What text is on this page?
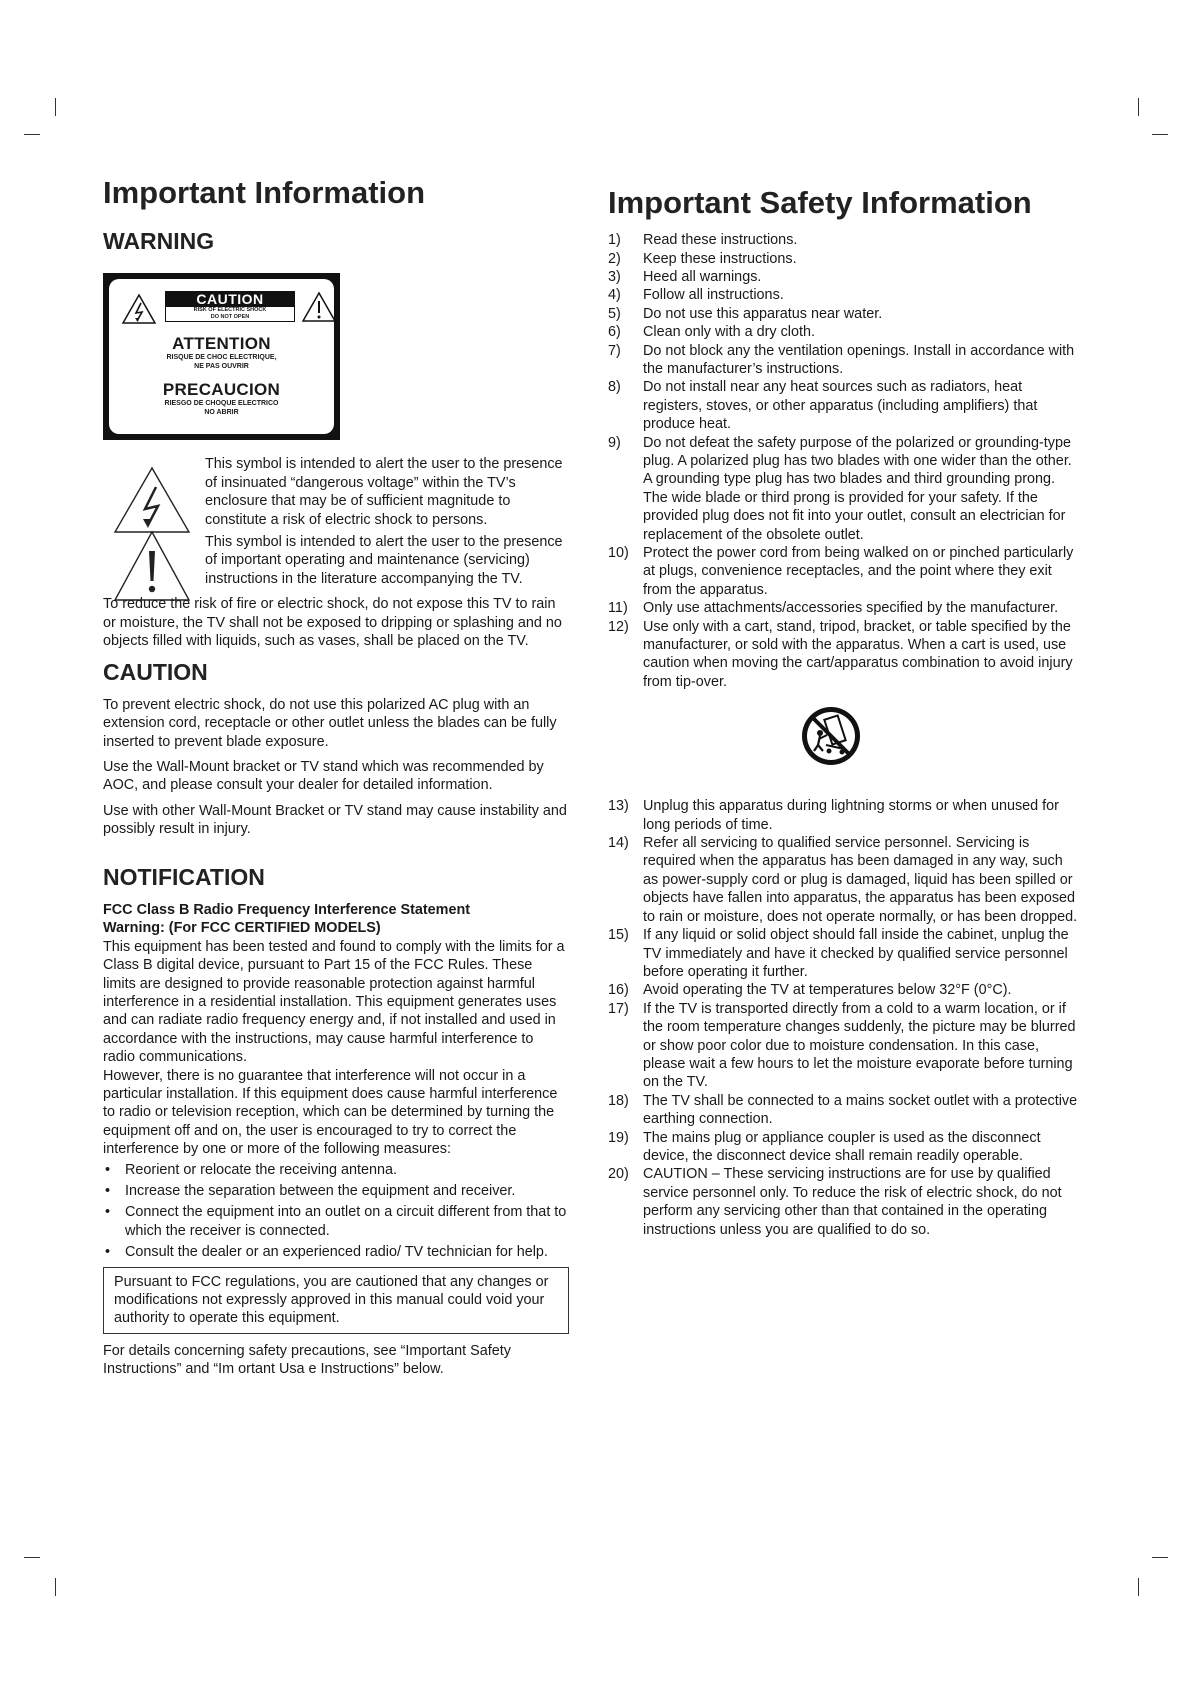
Important Information
WARNING
CAUTION
RISK OF ELECTRIC SHOCK
DO NOT OPEN
ATTENTION
RISQUE DE CHOC ELECTRIQUE,
NE PAS OUVRIR
PRECAUCION
RIESGO DE CHOQUE ELECTRICO
NO ABRIR

This symbol is intended to alert the user to the presence of insinuated “dangerous voltage” within the TV’s enclosure that may be of sufficient magnitude to constitute a risk of electric shock to persons.

This symbol is intended to alert the user to the presence of important operating and maintenance (servicing) instructions in the literature accompanying the TV.

To reduce the risk of fire or electric shock, do not expose this TV to rain or moisture, the TV shall not be exposed to dripping or splashing and no objects filled with liquids, such as vases, shall be placed on the TV.

CAUTION

To prevent electric shock, do not use this polarized AC plug with an extension cord, receptacle or other outlet unless the blades can be fully inserted to prevent blade exposure.

Use the Wall-Mount bracket or TV stand which was recommended by AOC, and please consult your dealer for detailed information.

Use with other Wall-Mount Bracket or TV stand may cause instability and possibly result in injury.

NOTIFICATION

FCC Class B Radio Frequency Interference Statement

Warning: (For FCC CERTIFIED MODELS)

This equipment has been tested and found to comply with the limits for a Class B digital device, pursuant to Part 15 of the FCC Rules. These limits are designed to provide reasonable protection against harmful interference in a residential installation. This equipment generates uses and can radiate radio frequency energy and, if not installed and used in accordance with the instructions, may cause harmful interference to radio communications.

However, there is no guarantee that interference will not occur in a particular installation. If this equipment does cause harmful interference to radio or television reception, which can be determined by turning the equipment off and on, the user is encouraged to try to correct the interference by one or more of the following measures:

• Reorient or relocate the receiving antenna.
• Increase the separation between the equipment and receiver.
• Connect the equipment into an outlet on a circuit different from that to which the receiver is connected.
• Consult the dealer or an experienced radio/ TV technician for help.

Pursuant to FCC regulations, you are cautioned that any changes or modifications not expressly approved in this manual could void your authority to operate this equipment.

For details concerning safety precautions, see “Important Safety Instructions” and “Im ortant Usa e Instructions” below.

Important Safety Information
1) Read these instructions.
2) Keep these instructions.
3) Heed all warnings.
4) Follow all instructions.
5) Do not use this apparatus near water.
6) Clean only with a dry cloth.
7) Do not block any the ventilation openings. Install in accordance with the manufacturer’s instructions.
8) Do not install near any heat sources such as radiators, heat registers, stoves, or other apparatus (including amplifiers) that produce heat.
9) Do not defeat the safety purpose of the polarized or grounding-type plug. A polarized plug has two blades with one wider than the other. A grounding type plug has two blades and third grounding prong. The wide blade or third prong is provided for your safety. If the provided plug does not fit into your outlet, consult an electrician for replacement of the obsolete outlet.
10) Protect the power cord from being walked on or pinched particularly at plugs, convenience receptacles, and the point where they exit from the apparatus.
11) Only use attachments/accessories specified by the manufacturer.
12) Use only with a cart, stand, tripod, bracket, or table specified by the manufacturer, or sold with the apparatus. When a cart is used, use caution when moving the cart/apparatus combination to avoid injury from tip-over.
13) Unplug this apparatus during lightning storms or when unused for long periods of time.
14) Refer all servicing to qualified service personnel. Servicing is required when the apparatus has been damaged in any way, such as power-supply cord or plug is damaged, liquid has been spilled or objects have fallen into apparatus, the apparatus has been exposed to rain or moisture, does not operate normally, or has been dropped.
15) If any liquid or solid object should fall inside the cabinet, unplug the TV immediately and have it checked by qualified service personnel before operating it further.
16) Avoid operating the TV at temperatures below 32°F (0°C).
17) If the TV is transported directly from a cold to a warm location, or if the room temperature changes suddenly, the picture may be blurred or show poor color due to moisture condensation. In this case, please wait a few hours to let the moisture evaporate before turning on the TV.
18) The TV shall be connected to a mains socket outlet with a protective earthing connection.
19) The mains plug or appliance coupler is used as the disconnect device, the disconnect device shall remain readily operable.
20) CAUTION – These servicing instructions are for use by qualified service personnel only. To reduce the risk of electric shock, do not perform any servicing other than that contained in the operating instructions unless you are qualified to do so.
